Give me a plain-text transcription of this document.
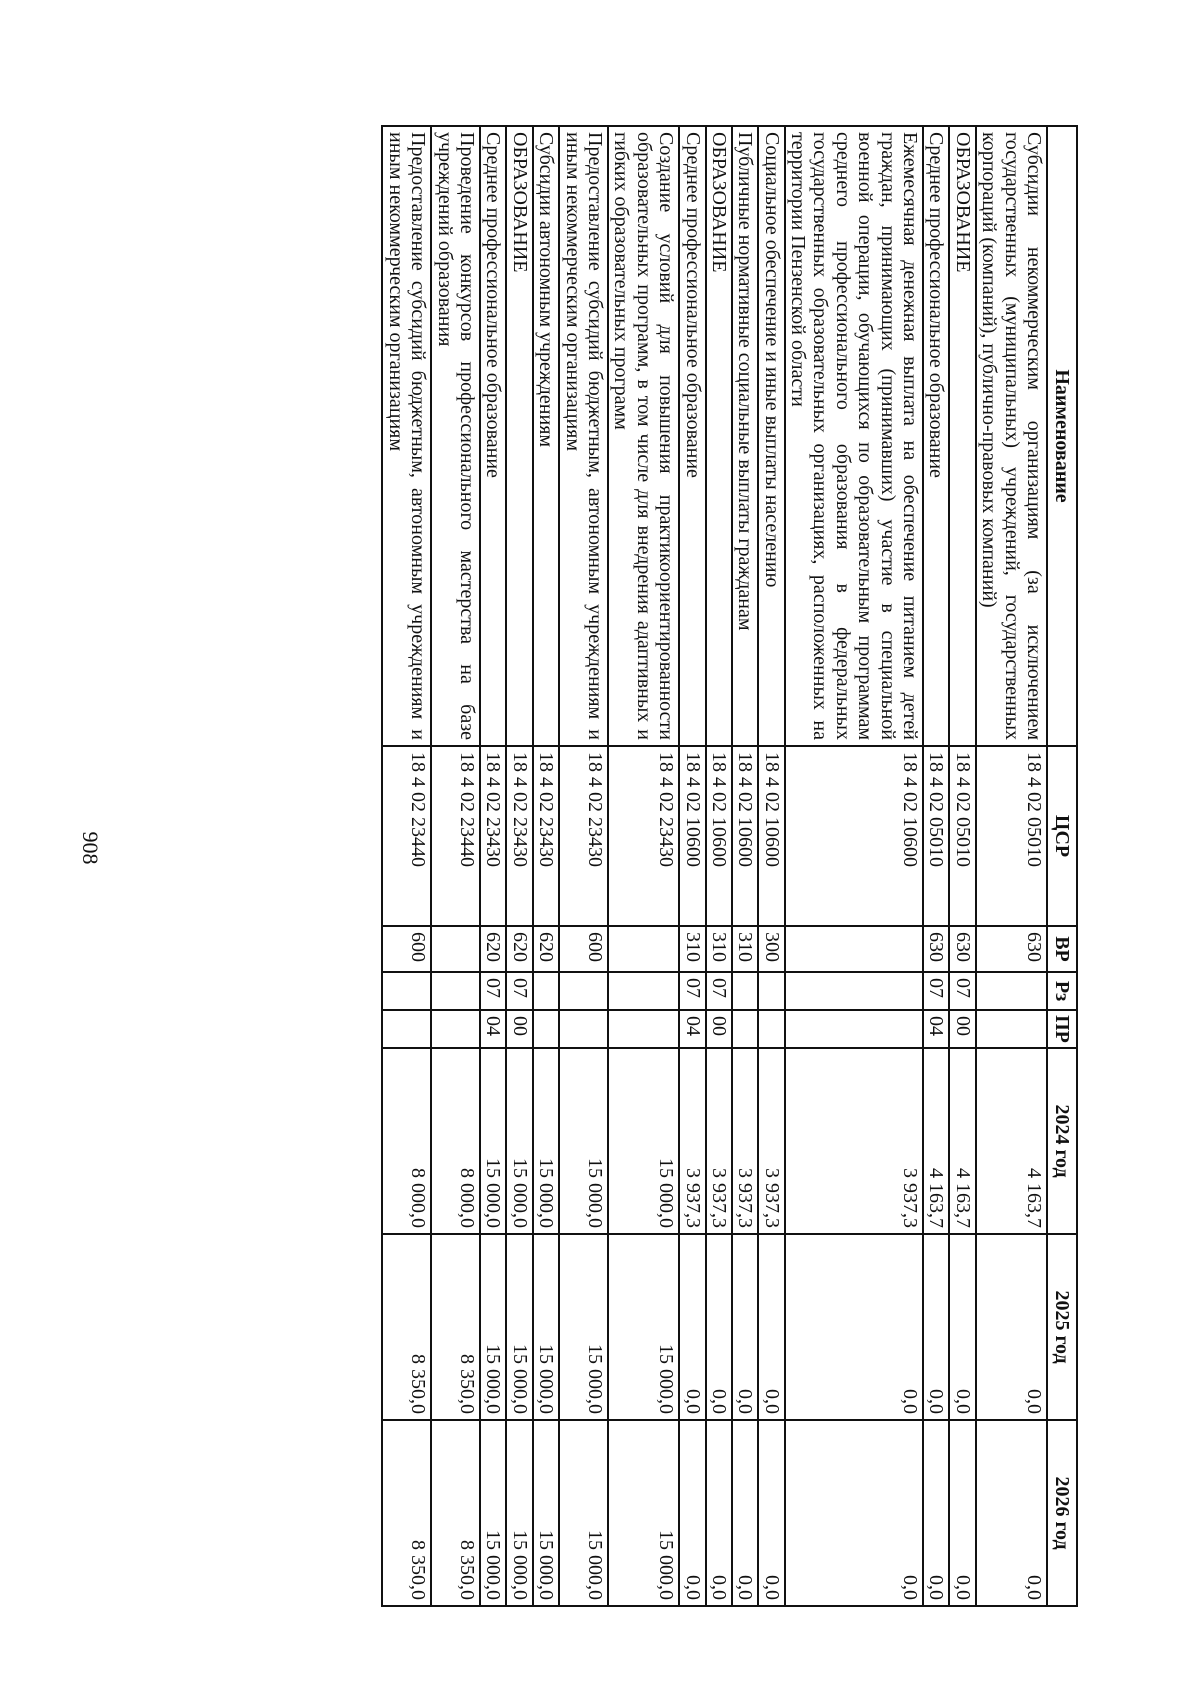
908
Наименование	ЦСР	ВР	Рз	ПР	2024 год	2025 год	2026 год
Субсидии некоммерческим организациям (за исключением государственных (муниципальных) учреждений, государственных корпораций (компаний), публично-правовых компаний)	18 4 02 05010	630			4 163,7	0,0	0,0
ОБРАЗОВАНИЕ	18 4 02 05010	630	07	00	4 163,7	0,0	0,0
Среднее профессиональное образование	18 4 02 05010	630	07	04	4 163,7	0,0	0,0
Ежемесячная денежная выплата на обеспечение питанием детей граждан, принимающих (принимавших) участие в специальной военной операции, обучающихся по образовательным программам среднего профессионального образования в федеральных государственных образовательных организациях, расположенных на территории Пензенской области	18 4 02 10600				3 937,3	0,0	0,0
Социальное обеспечение и иные выплаты населению	18 4 02 10600	300			3 937,3	0,0	0,0
Публичные нормативные социальные выплаты гражданам	18 4 02 10600	310			3 937,3	0,0	0,0
ОБРАЗОВАНИЕ	18 4 02 10600	310	07	00	3 937,3	0,0	0,0
Среднее профессиональное образование	18 4 02 10600	310	07	04	3 937,3	0,0	0,0
Создание условий для повышения практикоориентированности образовательных программ, в том числе для внедрения адаптивных и гибких образовательных программ	18 4 02 23430				15 000,0	15 000,0	15 000,0
Предоставление субсидий бюджетным, автономным учреждениям и иным некоммерческим организациям	18 4 02 23430	600			15 000,0	15 000,0	15 000,0
Субсидии автономным учреждениям	18 4 02 23430	620			15 000,0	15 000,0	15 000,0
ОБРАЗОВАНИЕ	18 4 02 23430	620	07	00	15 000,0	15 000,0	15 000,0
Среднее профессиональное образование	18 4 02 23430	620	07	04	15 000,0	15 000,0	15 000,0
Проведение конкурсов профессионального мастерства на базе учреждений образования	18 4 02 23440				8 000,0	8 350,0	8 350,0
Предоставление субсидий бюджетным, автономным учреждениям и иным некоммерческим организациям	18 4 02 23440	600			8 000,0	8 350,0	8 350,0
